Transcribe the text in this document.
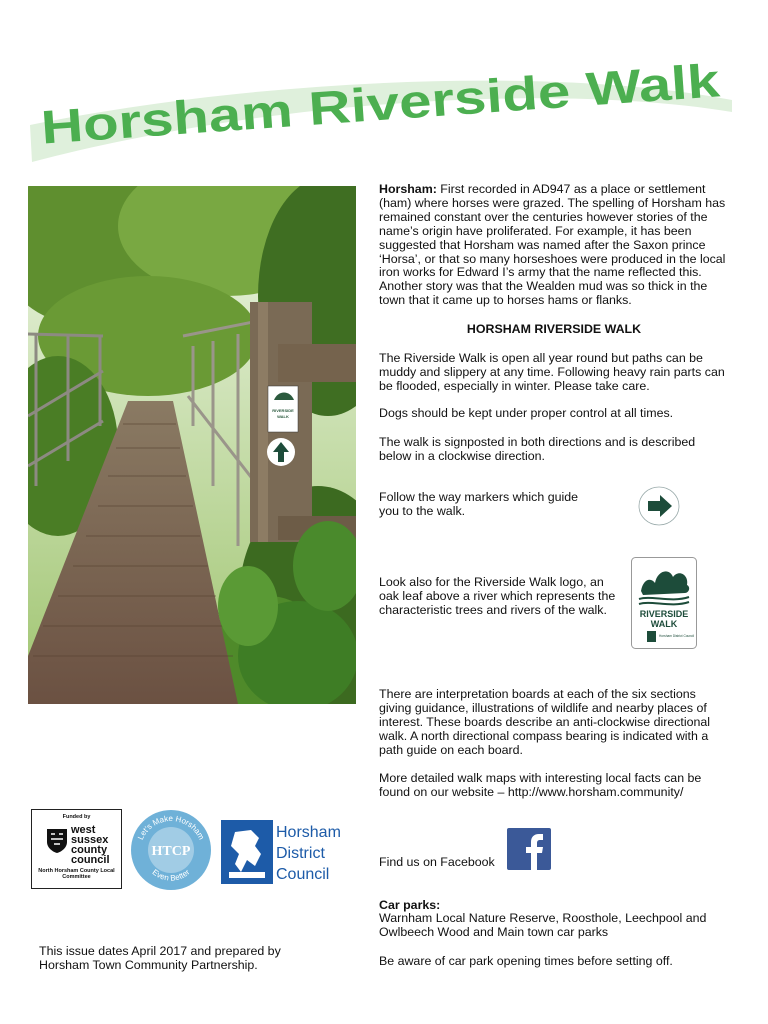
Horsham Riverside Walk
RIVERSIDE
WALK
Horsham: First recorded in AD947 as a place or settlement (ham) where horses were grazed. The spelling of Horsham has remained constant over the centuries however stories of the name’s origin have proliferated. For example, it has been suggested that Horsham was named after the Saxon prince ‘Horsa’, or that so many horseshoes were produced in the local iron works for Edward I’s army that the name reflected this. Another story was that the Wealden mud was so thick in the town that it came up to horses hams or flanks.
HORSHAM RIVERSIDE WALK

The Riverside Walk is open all year round but paths can be muddy and slippery at any time. Following heavy rain parts can be flooded, especially in winter. Please take care.

Dogs should be kept under proper control at all times.

The walk is signposted in both directions and is described below in a clockwise direction.

Follow the way markers which guide you to the walk.

Look also for the Riverside Walk logo, an oak leaf above a river which represents the characteristic trees and rivers of the walk.	RIVERSIDE
WALK
Horsham District Council

There are interpretation boards at each of the six sections giving guidance, illustrations of wildlife and nearby places of interest. These boards describe an anti-clockwise directional walk. A north directional compass bearing is indicated with a path guide on each board.

More detailed walk maps with interesting local facts can be found on our website – http://www.horsham.community/

Find us on Facebook

Car parks:

Warnham Local Nature Reserve, Roosthole, Leechpool and Owlbeech Wood and Main town car parks

Be aware of car park opening times before setting off.

Funded by
west sussex county council
North Horsham County Local Committee
Let’s Make Horsham
Even Better
HTCP
Horsham
District
Council

This issue dates April 2017 and prepared by Horsham Town Community Partnership.
